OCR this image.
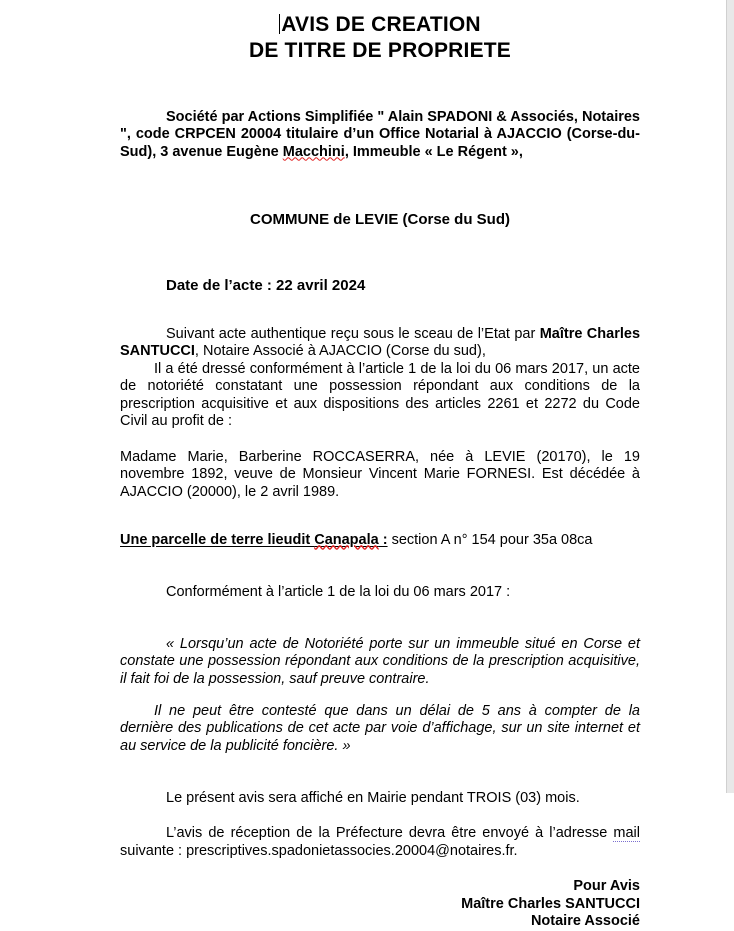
AVIS DE CREATION
DE TITRE DE PROPRIETE

Société par Actions Simplifiée " Alain SPADONI & Associés, Notaires ", code CRPCEN 20004 titulaire d’un Office Notarial à AJACCIO (Corse-du-Sud), 3 avenue Eugène Macchini, Immeuble « Le Régent »,

COMMUNE de LEVIE (Corse du Sud)

Date de l’acte : 22 avril 2024

Suivant acte authentique reçu sous le sceau de l’Etat par Maître Charles SANTUCCI, Notaire Associé à AJACCIO (Corse du sud),

Il a été dressé conformément à l’article 1 de la loi du 06 mars 2017, un acte de notoriété constatant une possession répondant aux conditions de la prescription acquisitive et aux dispositions des articles 2261 et 2272 du Code Civil au profit de :

Madame Marie, Barberine ROCCASERRA, née à LEVIE (20170), le 19 novembre 1892, veuve de Monsieur Vincent Marie FORNESI. Est décédée à AJACCIO (20000), le 2 avril 1989.

Une parcelle de terre lieudit Canapala : section A n° 154 pour 35a 08ca

Conformément à l’article 1 de la loi du 06 mars 2017 :

« Lorsqu’un acte de Notoriété porte sur un immeuble situé en Corse et constate une possession répondant aux conditions de la prescription acquisitive, il fait foi de la possession, sauf preuve contraire.

Il ne peut être contesté que dans un délai de 5 ans à compter de la dernière des publications de cet acte par voie d’affichage, sur un site internet et au service de la publicité foncière. »

Le présent avis sera affiché en Mairie pendant TROIS (03) mois.

L’avis de réception de la Préfecture devra être envoyé à l’adresse mail suivante : prescriptives.spadonietassocies.20004@notaires.fr.

Pour Avis
Maître Charles SANTUCCI
Notaire Associé
